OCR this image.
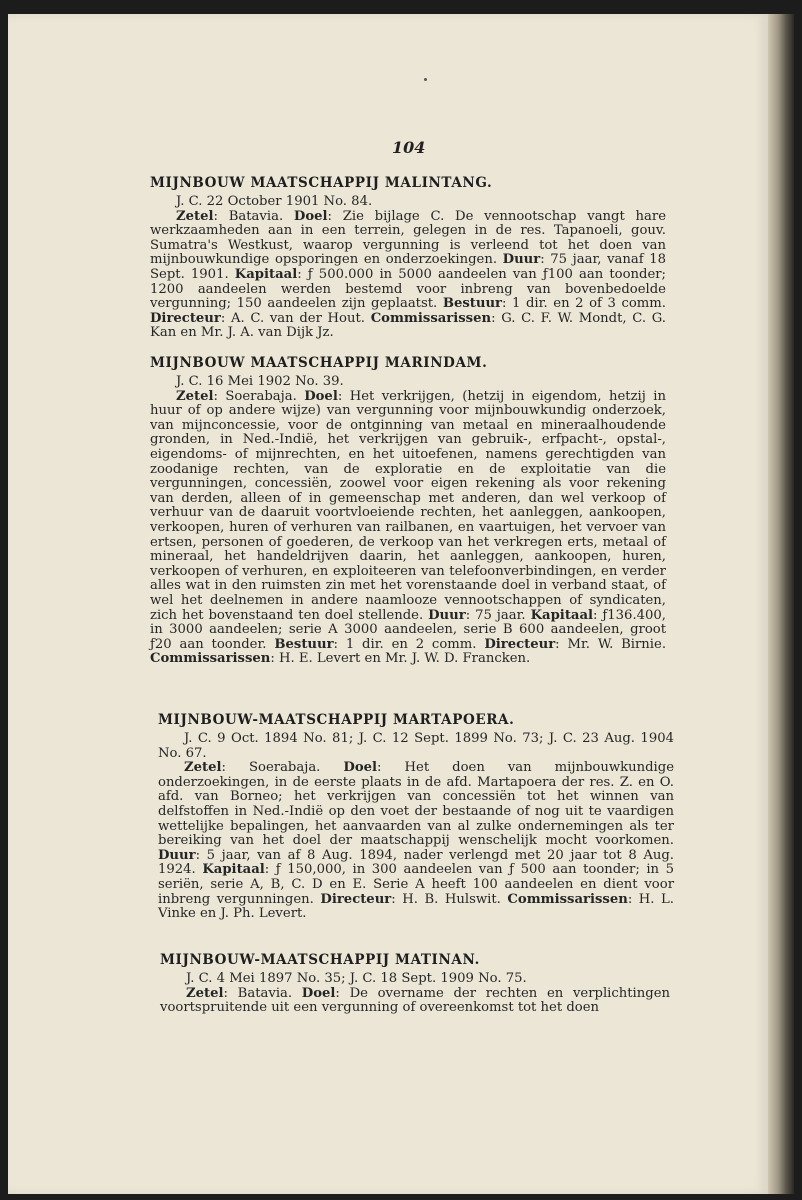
104
MIJNBOUW MAATSCHAPPIJ MALINTANG.

J. C. 22 October 1901 No. 84.

Zetel: Batavia. Doel: Zie bijlage C. De vennootschap vangt hare werkzaamheden aan in een terrein, gelegen in de res. Tapanoeli, gouv. Sumatra's Westkust, waarop vergunning is verleend tot het doen van mijnbouwkundige opsporingen en onderzoekingen. Duur: 75 jaar, vanaf 18 Sept. 1901. Kapitaal: ƒ 500.000 in 5000 aandeelen van ƒ100 aan toonder; 1200 aandeelen werden bestemd voor inbreng van bovenbedoelde vergunning; 150 aandeelen zijn geplaatst. Bestuur: 1 dir. en 2 of 3 comm. Directeur: A. C. van der Hout. Commissarissen: G. C. F. W. Mondt, C. G. Kan en Mr. J. A. van Dijk Jz.

MIJNBOUW MAATSCHAPPIJ MARINDAM.

J. C. 16 Mei 1902 No. 39.

Zetel: Soerabaja. Doel: Het verkrijgen, (hetzij in eigendom, hetzij in huur of op andere wijze) van vergunning voor mijnbouwkundig onderzoek, van mijnconcessie, voor de ontginning van metaal en mineraalhoudende gronden, in Ned.-Indië, het verkrijgen van gebruik-, erfpacht-, opstal-, eigendoms- of mijnrechten, en het uitoefenen, namens gerechtigden van zoodanige rechten, van de exploratie en de exploitatie van die vergunningen, concessiën, zoowel voor eigen rekening als voor rekening van derden, alleen of in gemeenschap met anderen, dan wel verkoop of verhuur van de daaruit voortvloeiende rechten, het aanleggen, aankoopen, verkoopen, huren of verhuren van railbanen, en vaartuigen, het vervoer van ertsen, personen of goederen, de verkoop van het verkregen erts, metaal of mineraal, het handeldrijven daarin, het aanleggen, aankoopen, huren, verkoopen of verhuren, en exploiteeren van telefoonverbindingen, en verder alles wat in den ruimsten zin met het vorenstaande doel in verband staat, of wel het deelnemen in andere naamlooze vennootschappen of syndicaten, zich het bovenstaand ten doel stellende. Duur: 75 jaar. Kapitaal: ƒ136.400, in 3000 aandeelen; serie A 3000 aandeelen, serie B 600 aandeelen, groot ƒ20 aan toonder. Bestuur: 1 dir. en 2 comm. Directeur: Mr. W. Birnie. Commissarissen: H. E. Levert en Mr. J. W. D. Francken.

MIJNBOUW-MAATSCHAPPIJ MARTAPOERA.

J. C. 9 Oct. 1894 No. 81; J. C. 12 Sept. 1899 No. 73; J. C. 23 Aug. 1904 No. 67.

Zetel: Soerabaja. Doel: Het doen van mijnbouwkundige onderzoekingen, in de eerste plaats in de afd. Martapoera der res. Z. en O. afd. van Borneo; het verkrijgen van concessiën tot het winnen van delfstoffen in Ned.-Indië op den voet der bestaande of nog uit te vaardigen wettelijke bepalingen, het aanvaarden van al zulke ondernemingen als ter bereiking van het doel der maatschappij wenschelijk mocht voorkomen. Duur: 5 jaar, van af 8 Aug. 1894, nader verlengd met 20 jaar tot 8 Aug. 1924. Kapitaal: ƒ 150,000, in 300 aandeelen van ƒ 500 aan toonder; in 5 seriën, serie A, B, C. D en E. Serie A heeft 100 aandeelen en dient voor inbreng vergunningen. Directeur: H. B. Hulswit. Commissarissen: H. L. Vinke en J. Ph. Levert.

MIJNBOUW-MAATSCHAPPIJ MATINAN.

J. C. 4 Mei 1897 No. 35; J. C. 18 Sept. 1909 No. 75.

Zetel: Batavia. Doel: De overname der rechten en verplichtingen voortspruitende uit een vergunning of overeenkomst tot het doen
